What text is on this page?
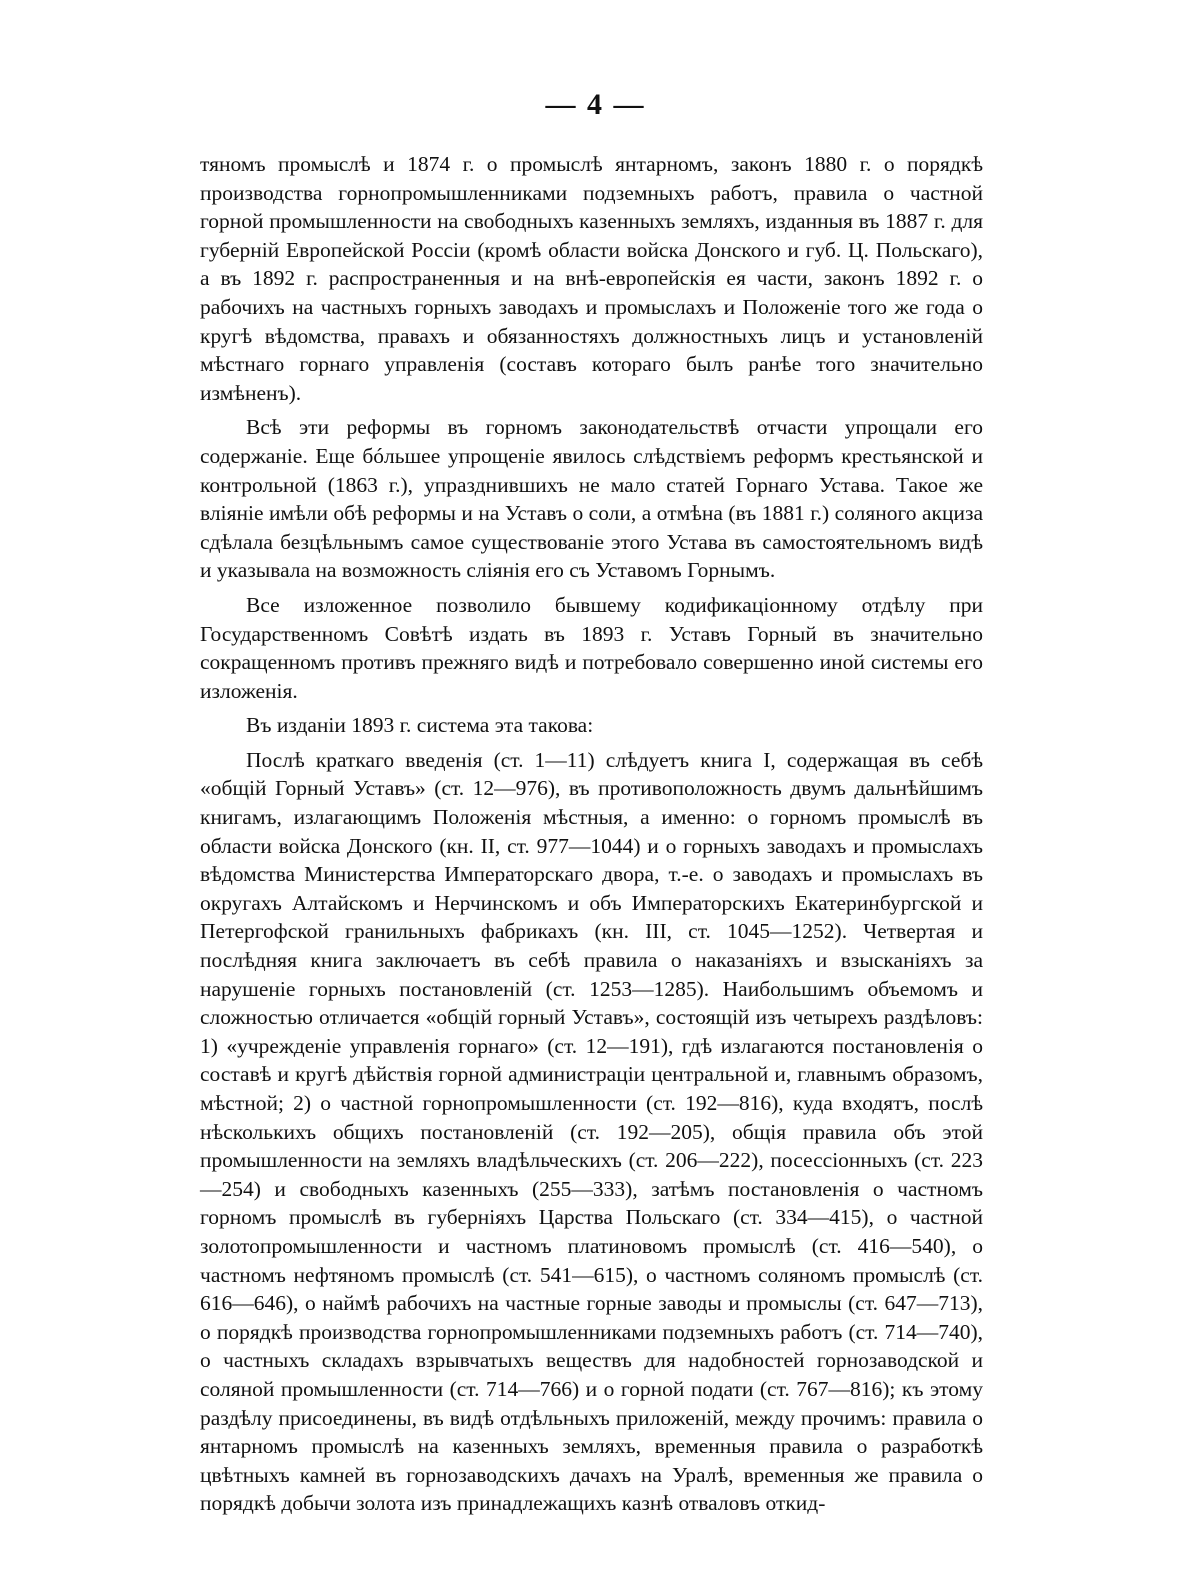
— 4 —

тяномъ промыслѣ и 1874 г. о промыслѣ янтарномъ, законъ 1880 г. о порядкѣ производства горнопромышленниками подземныхъ работъ, правила о частной горной промышленности на свободныхъ казенныхъ земляхъ, изданныя въ 1887 г. для губерній Европейской Россіи (кромѣ области войска Донского и губ. Ц. Польскаго), а въ 1892 г. распространенныя и на внѣ-европейскія ея части, законъ 1892 г. о рабочихъ на частныхъ горныхъ заводахъ и промыслахъ и Положеніе того же года о кругѣ вѣдомства, правахъ и обязанностяхъ должностныхъ лицъ и установленій мѣстнаго горнаго управленія (составъ котораго былъ ранѣе того значительно измѣненъ).

Всѣ эти реформы въ горномъ законодательствѣ отчасти упрощали его содержаніе. Еще бóльшее упрощеніе явилось слѣдствіемъ реформъ крестьянской и контрольной (1863 г.), упразднившихъ не мало статей Горнаго Устава. Такое же вліяніе имѣли обѣ реформы и на Уставъ о соли, а отмѣна (въ 1881 г.) соляного акциза сдѣлала безцѣльнымъ самое существованіе этого Устава въ самостоятельномъ видѣ и указывала на возможность слiянія его съ Уставомъ Горнымъ.

Все изложенное позволило бывшему кодификаціонному отдѣлу при Государственномъ Совѣтѣ издать въ 1893 г. Уставъ Горный въ значительно сокращенномъ противъ прежняго видѣ и потребовало совершенно иной системы его изложенія.

Въ изданіи 1893 г. система эта такова:

Послѣ краткаго введенія (ст. 1—11) слѣдуетъ книга I, содержащая въ себѣ «общій Горный Уставъ» (ст. 12—976), въ противоположность двумъ дальнѣйшимъ книгамъ, излагающимъ Положенія мѣстныя, а именно: о горномъ промыслѣ въ области войска Донского (кн. II, ст. 977—1044) и о горныхъ заводахъ и промыслахъ вѣдомства Министерства Императорскаго двора, т.-е. о заводахъ и промыслахъ въ округахъ Алтайскомъ и Нерчинскомъ и объ Императорскихъ Екатеринбургской и Петергофской гранильныхъ фабрикахъ (кн. III, ст. 1045—1252). Четвертая и послѣдняя книга заключаетъ въ себѣ правила о наказаніяхъ и взысканіяхъ за нарушеніе горныхъ постановленій (ст. 1253—1285). Наибольшимъ объемомъ и сложностью отличается «общій горный Уставъ», состоящій изъ четырехъ раздѣловъ: 1) «учрежденіе управленія горнаго» (ст. 12—191), гдѣ излагаются постановленія о составѣ и кругѣ дѣйствія горной администраціи центральной и, главнымъ образомъ, мѣстной; 2) о частной горнопромышленности (ст. 192—816), куда входятъ, послѣ нѣсколькихъ общихъ постановленій (ст. 192—205), общія правила объ этой промышленности на земляхъ владѣльческихъ (ст. 206—222), посессіонныхъ (ст. 223—254) и свободныхъ казенныхъ (255—333), затѣмъ постановленія о частномъ горномъ промыслѣ въ губерніяхъ Царства Польскаго (ст. 334—415), о частной золотопромышленности и частномъ платиновомъ промыслѣ (ст. 416—540), о частномъ нефтяномъ промыслѣ (ст. 541—615), о частномъ соляномъ промыслѣ (ст. 616—646), о наймѣ рабочихъ на частные горные заводы и промыслы (ст. 647—713), о порядкѣ производства горнопромышленниками подземныхъ работъ (ст. 714—740), о частныхъ складахъ взрывчатыхъ веществъ для надобностей горнозаводской и соляной промышленности (ст. 714—766) и о горной подати (ст. 767—816); къ этому раздѣлу присоединены, въ видѣ отдѣльныхъ приложеній, между прочимъ: правила о янтарномъ промыслѣ на казенныхъ земляхъ, временныя правила о разработкѣ цвѣтныхъ камней въ горнозаводскихъ дачахъ на Уралѣ, временныя же правила о порядкѣ добычи золота изъ принадлежащихъ казнѣ отваловъ откид-
